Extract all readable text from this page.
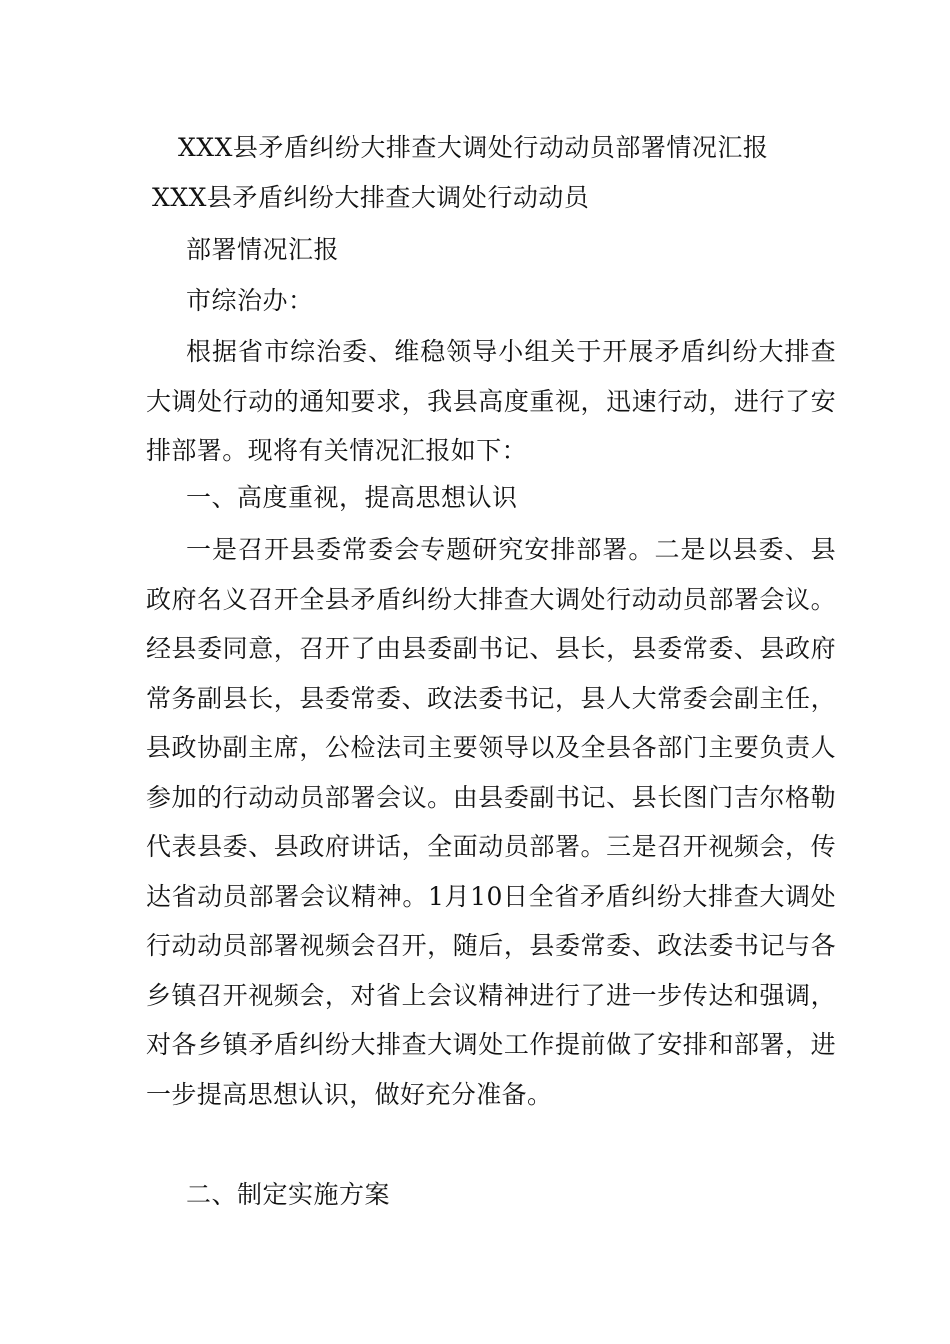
XXX县矛盾纠纷大排查大调处行动动员部署情况汇报
XXX县矛盾纠纷大排查大调处行动动员
部署情况汇报
市综治办：
根据省市综治委、维稳领导小组关于开展矛盾纠纷大排查大调处行动的通知要求，我县高度重视，迅速行动，进行了安排部署。现将有关情况汇报如下：
一、高度重视，提高思想认识
一是召开县委常委会专题研究安排部署。二是以县委、县政府名义召开全县矛盾纠纷大排查大调处行动动员部署会议。经县委同意，召开了由县委副书记、县长，县委常委、县政府常务副县长，县委常委、政法委书记，县人大常委会副主任，县政协副主席，公检法司主要领导以及全县各部门主要负责人参加的行动动员部署会议。由县委副书记、县长图门吉尔格勒代表县委、县政府讲话，全面动员部署。三是召开视频会，传达省动员部署会议精神。1月10日全省矛盾纠纷大排查大调处行动动员部署视频会召开，随后，县委常委、政法委书记与各乡镇召开视频会，对省上会议精神进行了进一步传达和强调，对各乡镇矛盾纠纷大排查大调处工作提前做了安排和部署，进一步提高思想认识，做好充分准备。
二、制定实施方案
